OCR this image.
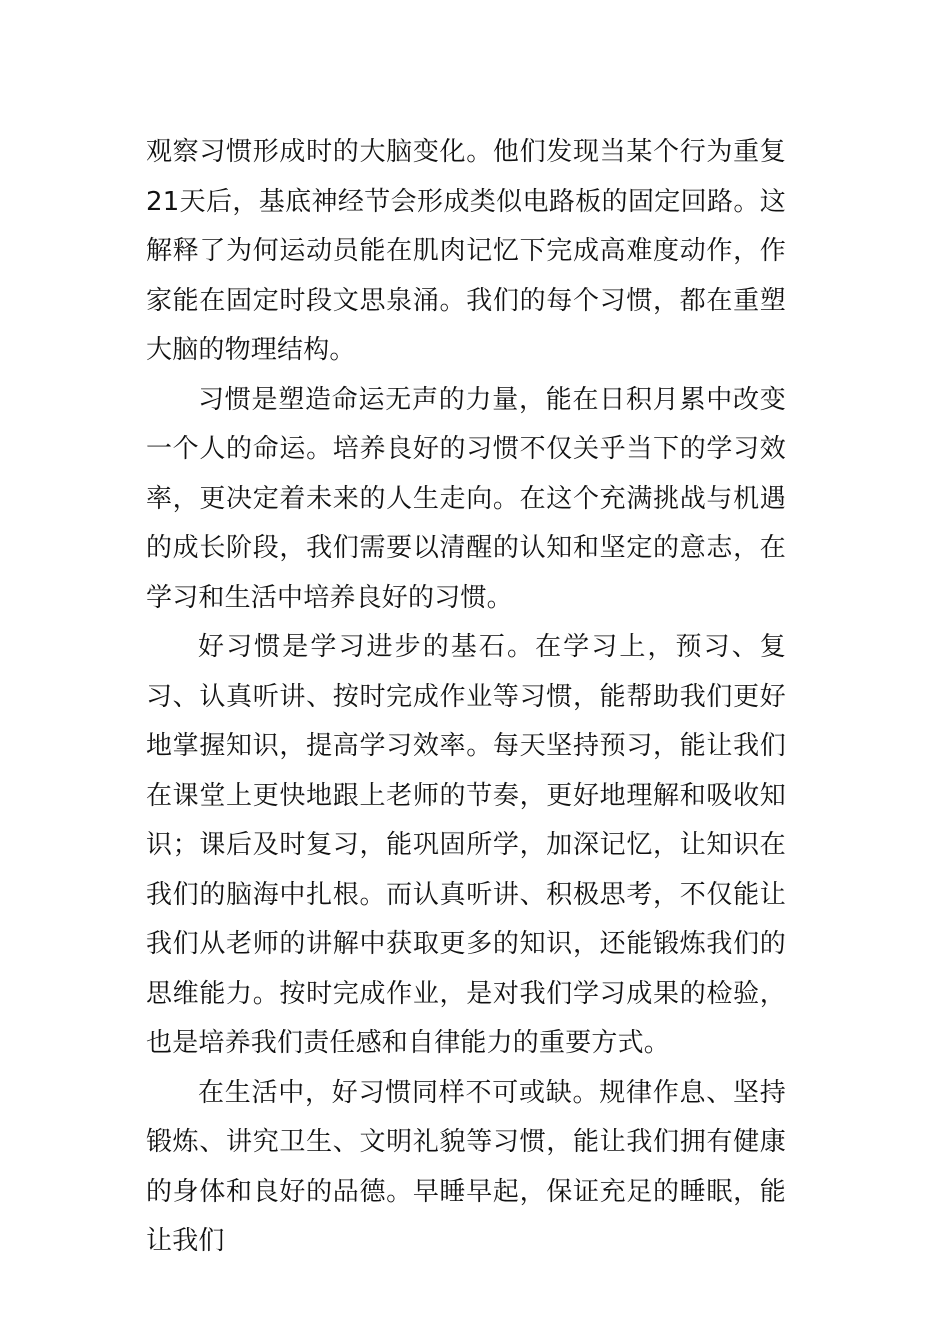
观察习惯形成时的大脑变化。他们发现当某个行为重复21天后，基底神经节会形成类似电路板的固定回路。这解释了为何运动员能在肌肉记忆下完成高难度动作，作家能在固定时段文思泉涌。我们的每个习惯，都在重塑大脑的物理结构。

习惯是塑造命运无声的力量，能在日积月累中改变一个人的命运。培养良好的习惯不仅关乎当下的学习效率，更决定着未来的人生走向。在这个充满挑战与机遇的成长阶段，我们需要以清醒的认知和坚定的意志，在学习和生活中培养良好的习惯。

好习惯是学习进步的基石。在学习上，预习、复习、认真听讲、按时完成作业等习惯，能帮助我们更好地掌握知识，提高学习效率。每天坚持预习，能让我们在课堂上更快地跟上老师的节奏，更好地理解和吸收知识；课后及时复习，能巩固所学，加深记忆，让知识在我们的脑海中扎根。而认真听讲、积极思考，不仅能让我们从老师的讲解中获取更多的知识，还能锻炼我们的思维能力。按时完成作业，是对我们学习成果的检验，也是培养我们责任感和自律能力的重要方式。

在生活中，好习惯同样不可或缺。规律作息、坚持锻炼、讲究卫生、文明礼貌等习惯，能让我们拥有健康的身体和良好的品德。早睡早起，保证充足的睡眠，能让我们
